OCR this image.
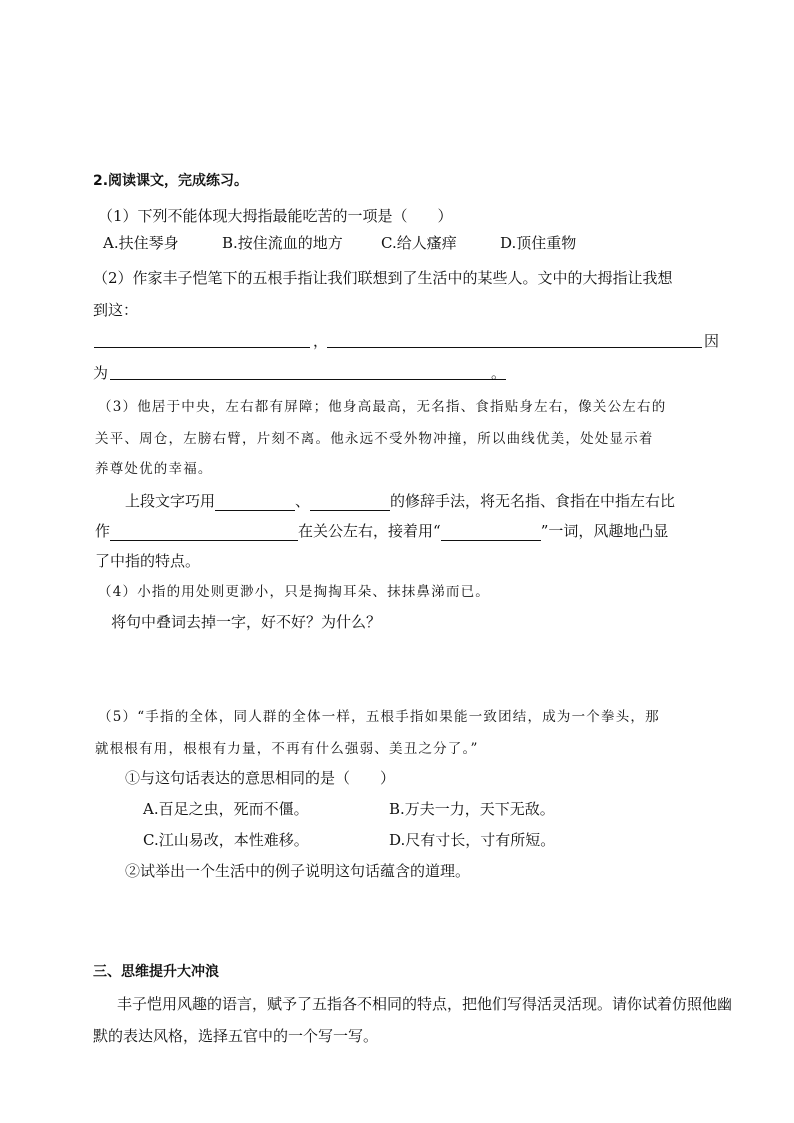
2.阅读课文，完成练习。
（1）下列不能体现大拇指最能吃苦的一项是（　　）
A.扶住琴身	B.按住流血的地方	C.给人瘙痒	D.顶住重物
（2）作家丰子恺笔下的五根手指让我们联想到了生活中的某些人。文中的大拇指让我想
到这：
，	因
为	。
（3）他居于中央，左右都有屏障；他身高最高，无名指、食指贴身左右，像关公左右的
关平、周仓，左膀右臂，片刻不离。他永远不受外物冲撞，所以曲线优美，处处显示着
养尊处优的幸福。
上段文字巧用	、	的修辞手法，将无名指、食指在中指左右比
作	在关公左右，接着用“	”一词，风趣地凸显
了中指的特点。
（4）小指的用处则更渺小，只是掏掏耳朵、抹抹鼻涕而已。
将句中叠词去掉一字，好不好？为什么？
（5）“手指的全体，同人群的全体一样，五根手指如果能一致团结，成为一个拳头，那
就根根有用，根根有力量，不再有什么强弱、美丑之分了。”
①与这句话表达的意思相同的是（　　）
A.百足之虫，死而不僵。	B.万夫一力，天下无敌。
C.江山易改，本性难移。	D.尺有寸长，寸有所短。
②试举出一个生活中的例子说明这句话蕴含的道理。
三、思维提升大冲浪
丰子恺用风趣的语言，赋予了五指各不相同的特点，把他们写得活灵活现。请你试着仿照他幽
默的表达风格，选择五官中的一个写一写。
